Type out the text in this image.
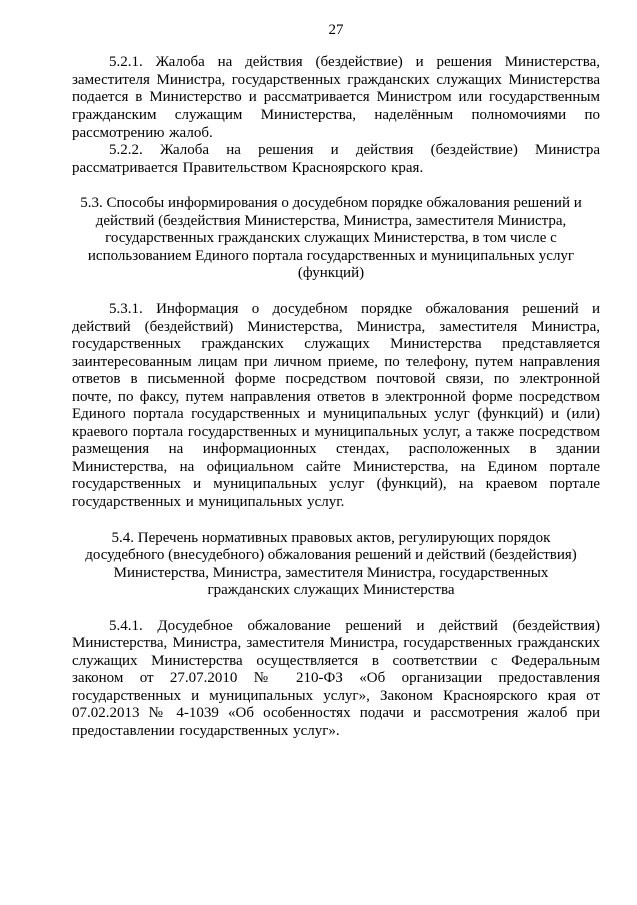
27

5.2.1. Жалоба на действия (бездействие) и решения Министерства, заместителя Министра, государственных гражданских служащих Министерства подается в Министерство и рассматривается Министром или государственным гражданским служащим Министерства, наделённым полномочиями по рассмотрению жалоб.

5.2.2. Жалоба на решения и действия (бездействие) Министра рассматривается Правительством Красноярского края.

5.3. Способы информирования о досудебном порядке обжалования решений и действий (бездействия Министерства, Министра, заместителя Министра, государственных гражданских служащих Министерства, в том числе с использованием Единого портала государственных и муниципальных услуг (функций)

5.3.1. Информация о досудебном порядке обжалования решений и действий (бездействий) Министерства, Министра, заместителя Министра, государственных гражданских служащих Министерства представляется заинтересованным лицам при личном приеме, по телефону, путем направления ответов в письменной форме посредством почтовой связи, по электронной почте, по факсу, путем направления ответов в электронной форме посредством Единого портала государственных и муниципальных услуг (функций) и (или) краевого портала государственных и муниципальных услуг, а также посредством размещения на информационных стендах, расположенных в здании Министерства, на официальном сайте Министерства, на Едином портале государственных и муниципальных услуг (функций), на краевом портале государственных и муниципальных услуг.

5.4. Перечень нормативных правовых актов, регулирующих порядок досудебного (внесудебного) обжалования решений и действий (бездействия) Министерства, Министра, заместителя Министра, государственных гражданских служащих Министерства

5.4.1. Досудебное обжалование решений и действий (бездействия) Министерства, Министра, заместителя Министра, государственных гражданских служащих Министерства осуществляется в соответствии с Федеральным законом от 27.07.2010 № 210-ФЗ «Об организации предоставления государственных и муниципальных услуг», Законом Красноярского края от 07.02.2013 № 4-1039 «Об особенностях подачи и рассмотрения жалоб при предоставлении государственных услуг».
